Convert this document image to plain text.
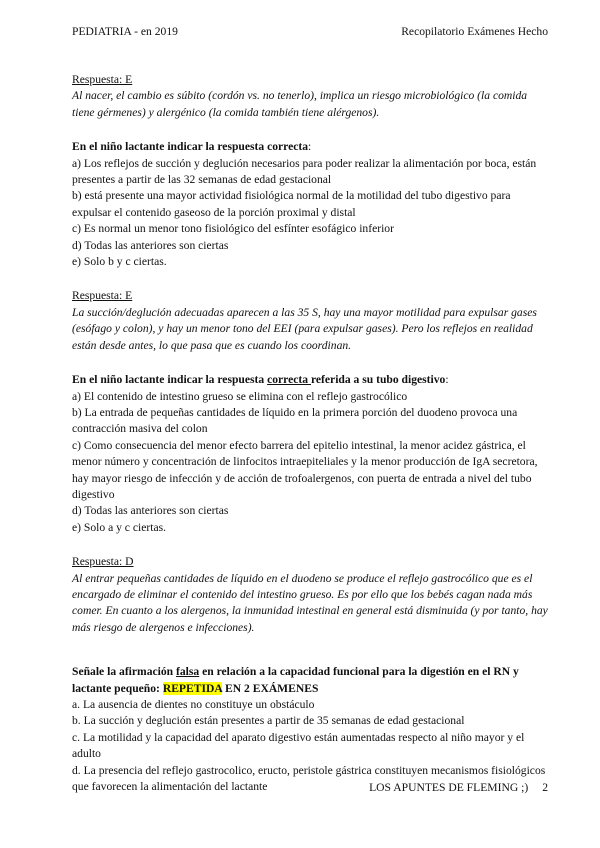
PEDIATRIA - en 2019	Recopilatorio Exámenes Hecho

Respuesta: E

Al nacer, el cambio es súbito (cordón vs. no tenerlo), implica un riesgo microbiológico (la comida tiene gérmenes) y alergénico (la comida también tiene alérgenos).

En el niño lactante indicar la respuesta correcta:

a) Los reflejos de succión y deglución necesarios para poder realizar la alimentación por boca, están presentes a partir de las 32 semanas de edad gestacional

b) está presente una mayor actividad fisiológica normal de la motilidad del tubo digestivo para expulsar el contenido gaseoso de la porción proximal y distal

c) Es normal un menor tono fisiológico del esfínter esofágico inferior

d) Todas las anteriores son ciertas

e) Solo b y c ciertas.

Respuesta: E

La succión/deglución adecuadas aparecen a las 35 S, hay una mayor motilidad para expulsar gases (esófago y colon), y hay un menor tono del EEI (para expulsar gases). Pero los reflejos en realidad están desde antes, lo que pasa que es cuando los coordinan.

En el niño lactante indicar la respuesta correcta referida a su tubo digestivo:

a) El contenido de intestino grueso se elimina con el reflejo gastrocólico

b) La entrada de pequeñas cantidades de líquido en la primera porción del duodeno provoca una contracción masiva del colon

c) Como consecuencia del menor efecto barrera del epitelio intestinal, la menor acidez gástrica, el menor número y concentración de linfocitos intraepiteliales y la menor producción de IgA secretora, hay mayor riesgo de infección y de acción de trofoalergenos, con puerta de entrada a nivel del tubo digestivo

d) Todas las anteriores son ciertas

e) Solo a y c ciertas.

Respuesta: D

Al entrar pequeñas cantidades de líquido en el duodeno se produce el reflejo gastrocólico que es el encargado de eliminar el contenido del intestino grueso. Es por ello que los bebés cagan nada más comer. En cuanto a los alergenos, la inmunidad intestinal en general está disminuida (y por tanto, hay más riesgo de alergenos e infecciones).

Señale la afirmación falsa en relación a la capacidad funcional para la digestión en el RN y lactante pequeño: REPETIDA EN 2 EXÁMENES

a. La ausencia de dientes no constituye un obstáculo

b. La succión y deglución están presentes a partir de 35 semanas de edad gestacional

c. La motilidad y la capacidad del aparato digestivo están aumentadas respecto al niño mayor y el adulto

d. La presencia del reflejo gastrocolico, eructo, peristole gástrica constituyen mecanismos fisiológicos que favorecen la alimentación del lactante	LOS APUNTES DE FLEMING ;) 2
